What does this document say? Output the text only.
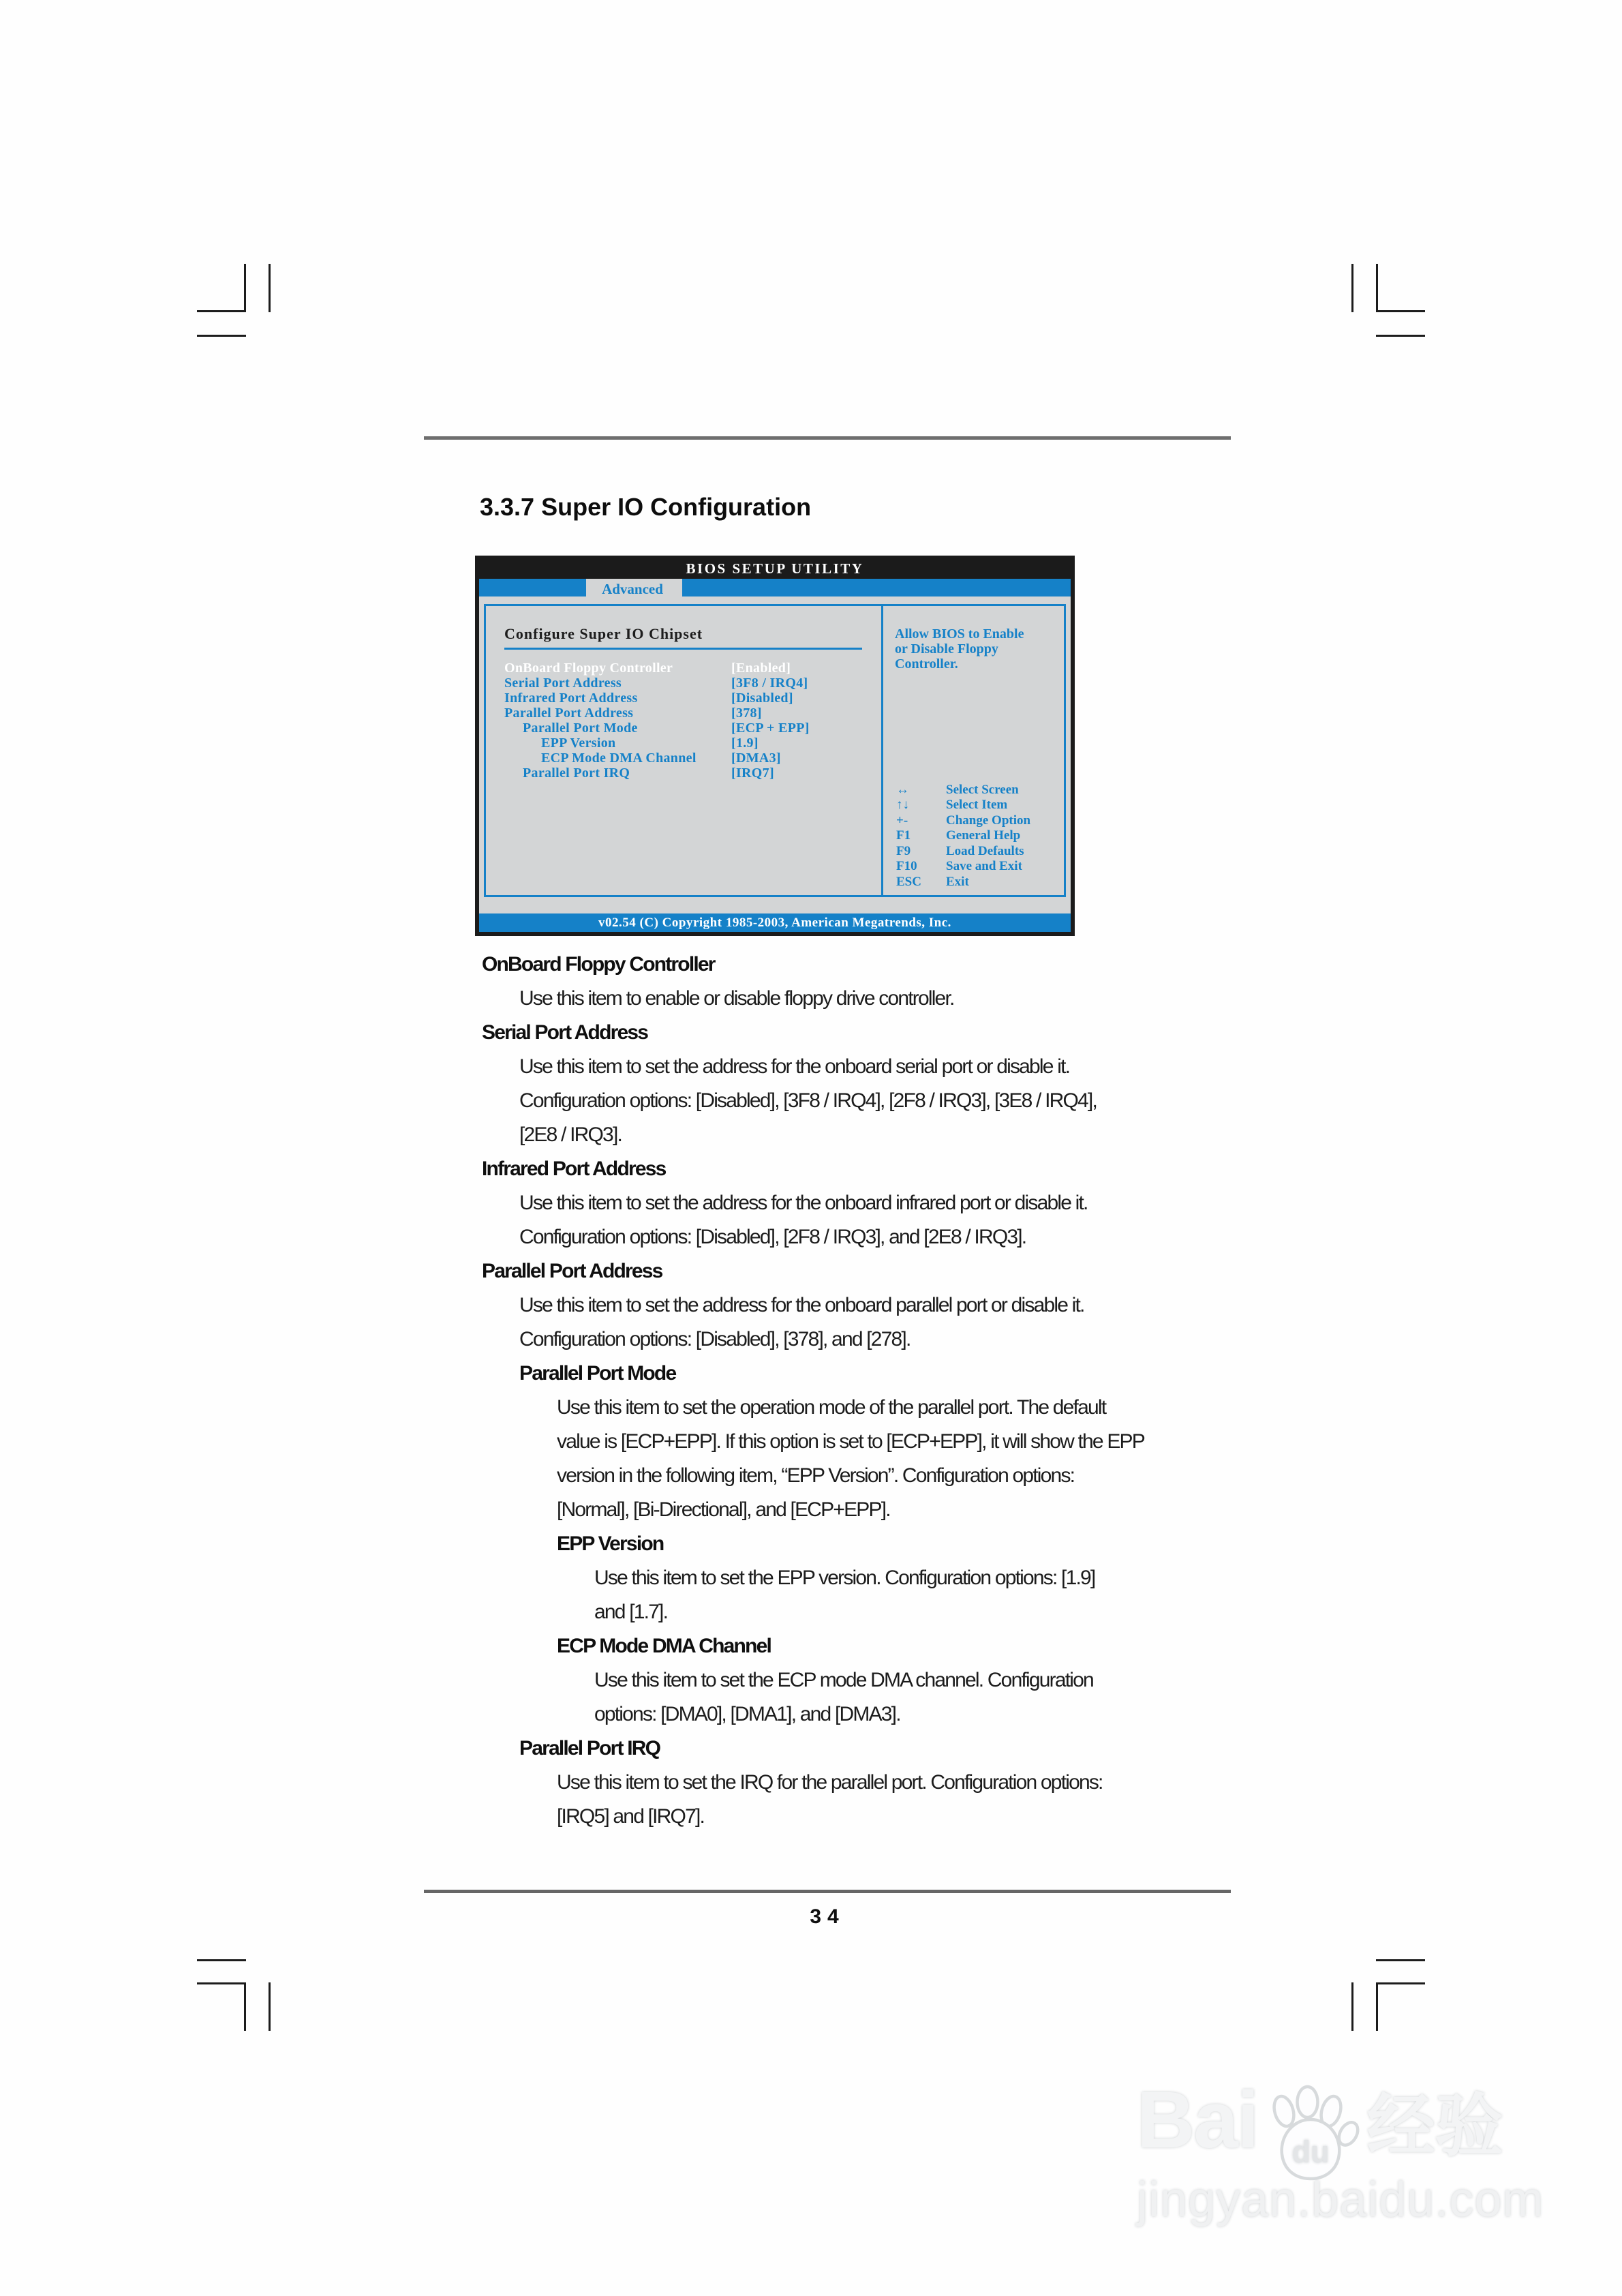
3.3.7 Super IO Configuration
BIOS SETUP UTILITY
Advanced
Configure Super IO Chipset
OnBoard Floppy Controller	[Enabled]
Serial Port Address	[3F8 / IRQ4]
Infrared Port Address	[Disabled]
Parallel Port Address	[378]
Parallel Port Mode	[ECP + EPP]
EPP Version	[1.9]
ECP Mode DMA Channel	[DMA3]
Parallel Port IRQ	[IRQ7]
Allow BIOS to Enable
or Disable Floppy
Controller.
↔	Select Screen
↑↓	Select Item
+-	Change Option
F1	General Help
F9	Load Defaults
F10	Save and Exit
ESC	Exit
v02.54 (C) Copyright 1985-2003, American Megatrends, Inc.
OnBoard Floppy Controller
Use this item to enable or disable floppy drive controller.
Serial Port Address
Use this item to set the address for the onboard serial port or disable it.
Configuration options: [Disabled], [3F8 / IRQ4], [2F8 / IRQ3], [3E8 / IRQ4],
[2E8 / IRQ3].
Infrared Port Address
Use this item to set the address for the onboard infrared port or disable it.
Configuration options: [Disabled], [2F8 / IRQ3], and [2E8 / IRQ3].
Parallel Port Address
Use this item to set the address for the onboard parallel port or disable it.
Configuration options: [Disabled], [378], and [278].
Parallel Port Mode
Use this item to set the operation mode of the parallel port. The default
value is [ECP+EPP]. If this option is set to [ECP+EPP], it will show the EPP
version in the following item, “EPP Version”. Configuration options:
[Normal], [Bi-Directional], and [ECP+EPP].
EPP Version
Use this item to set the EPP version. Configuration options: [1.9]
and [1.7].
ECP Mode DMA Channel
Use this item to set the ECP mode DMA channel. Configuration
options: [DMA0], [DMA1], and [DMA3].
Parallel Port IRQ
Use this item to set the IRQ for the parallel port. Configuration options:
[IRQ5] and [IRQ7].
34
Bai du 经验
jingyan.baidu.com
